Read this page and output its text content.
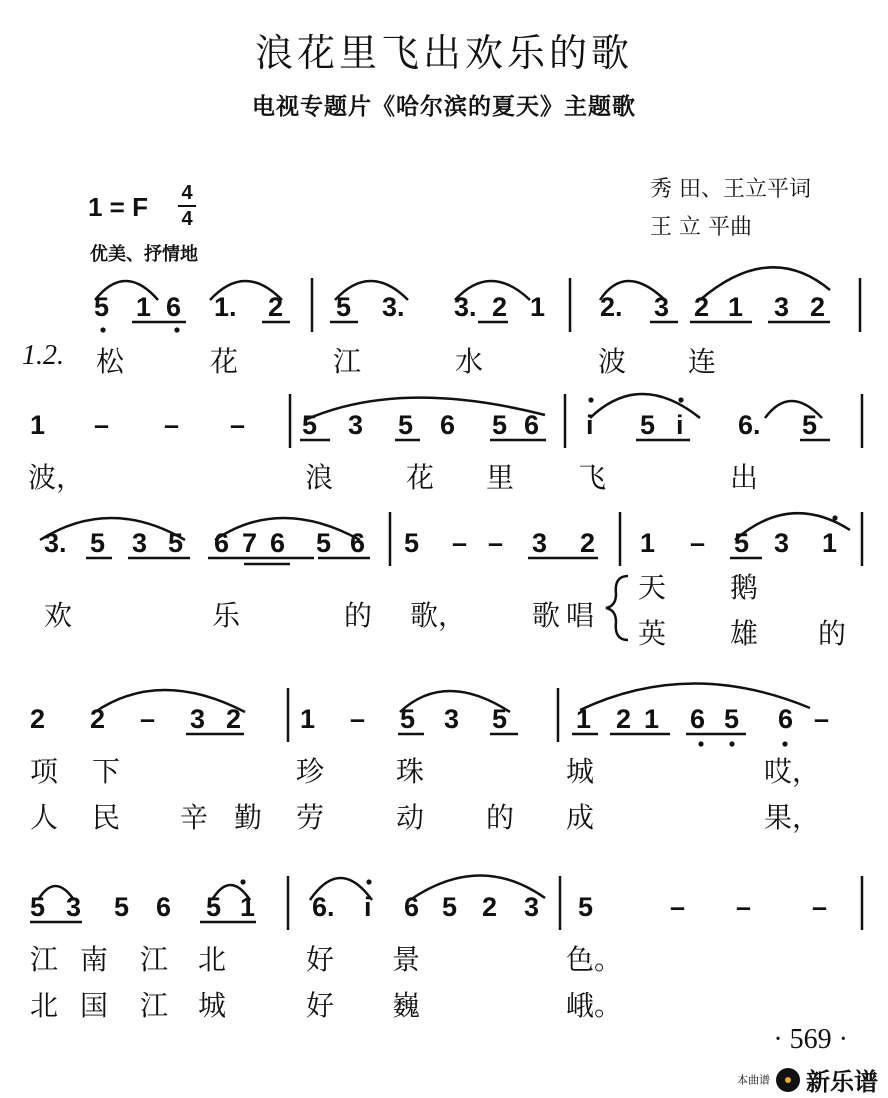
浪花里飞出欢乐的歌
电视专题片《哈尔滨的夏天》主题歌
秀 田、王立平词
王 立 平曲
1 = F 4
4
优美、抒情地
5 1 6 1. 2 5 3. 3. 2 1 2. 3 2 1 3 2
1.2. 松	花	江	水	波 连
1 – – – 5 3 5 6 5 6 i 5 i 6. 5
波，	浪	花 里 飞	出
3. 5 3 5 6 7 6 5 6 5 – – 3 2 1 – 5 3 1
欢	乐	的 歌， 歌 唱
天 鹅
英 雄 的
2 2 – 3 2 1 – 5 3 5	1 2 1 6 5 6 –
项 下	珍	珠	城	哎，
人 民 辛 勤 劳	动 的 成	果，
5 3 5 6 5 1 6. i 6 5 2 3 5	– – –
江 南 江 北	好 景	色。
北 国 江 城	好 巍	峨。
· 569 ·
本曲谱 新乐谱
